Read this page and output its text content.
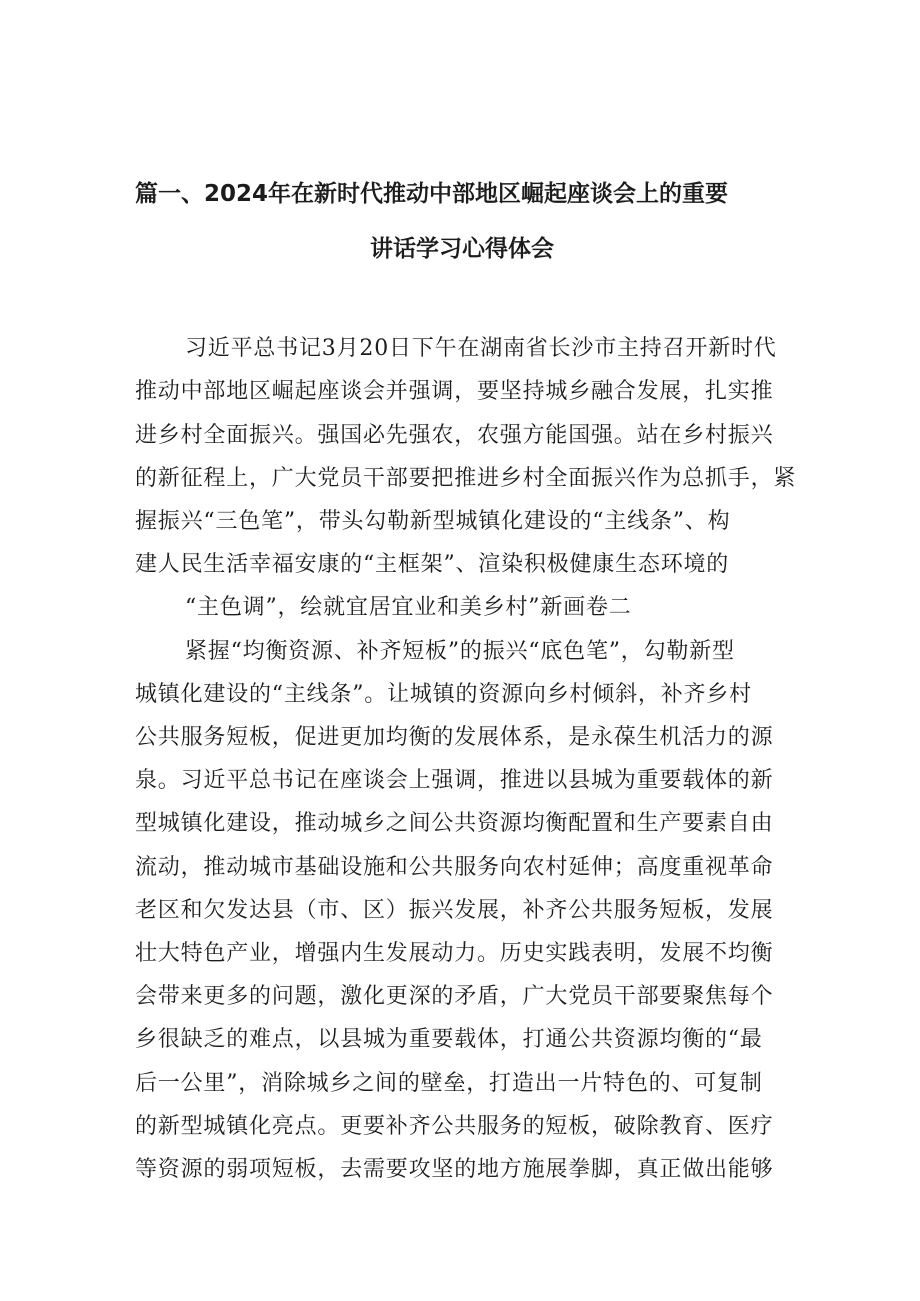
篇一、2024年在新时代推动中部地区崛起座谈会上的重要
讲话学习心得体会
习近平总书记3月20日下午在湖南省长沙市主持召开新时代
推动中部地区崛起座谈会并强调，要坚持城乡融合发展，扎实推
进乡村全面振兴。强国必先强农，农强方能国强。站在乡村振兴
的新征程上，广大党员干部要把推进乡村全面振兴作为总抓手，紧
握振兴“三色笔”，带头勾勒新型城镇化建设的“主线条”、构
建人民生活幸福安康的“主框架”、渲染积极健康生态环境的
“主色调”，绘就宜居宜业和美乡村”新画卷二
紧握“均衡资源、补齐短板”的振兴“底色笔”，勾勒新型
城镇化建设的“主线条”。让城镇的资源向乡村倾斜，补齐乡村
公共服务短板，促进更加均衡的发展体系，是永葆生机活力的源
泉。习近平总书记在座谈会上强调，推进以县城为重要载体的新
型城镇化建设，推动城乡之间公共资源均衡配置和生产要素自由
流动，推动城市基础设施和公共服务向农村延伸；高度重视革命
老区和欠发达县（市、区）振兴发展，补齐公共服务短板，发展
壮大特色产业，增强内生发展动力。历史实践表明，发展不均衡
会带来更多的问题，激化更深的矛盾，广大党员干部要聚焦每个
乡很缺乏的难点，以县城为重要载体，打通公共资源均衡的“最
后一公里”，消除城乡之间的壁垒，打造出一片特色的、可复制
的新型城镇化亮点。更要补齐公共服务的短板，破除教育、医疗
等资源的弱项短板，去需要攻坚的地方施展拳脚，真正做出能够
